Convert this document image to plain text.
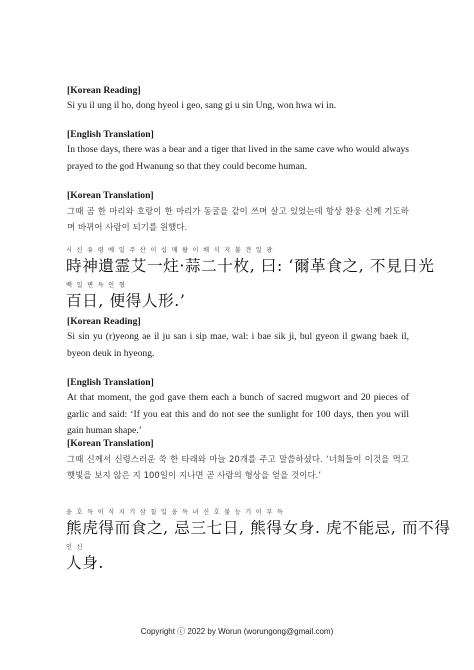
[Korean Reading]
Si yu il ung il ho, dong hyeol i geo, sang gi u sin Ung, won hwa wi in.
[English Translation]
In those days, there was a bear and a tiger that lived in the same cave who would always prayed to the god Hwanung so that they could become human.
[Korean Translation]
그때 곰 한 마리와 호랑이 한 마리가 동굴을 같이 쓰며 살고 있었는데 항상 환웅 신께 기도하며 바뀌어 사람이 되기를 원했다.
시 신 유 령 예 일 주 산 이 십 매 왈 이 배 식 지 불 견 일 광
時神遺霊艾一炷·蒜二十枚, 曰: ‘爾革食之, 不見日光
백 일 변 득 인 형
百日, 便得人形.’
[Korean Reading]
Si sin yu (r)yeong ae il ju san i sip mae, wal: i bae sik ji, bul gyeon il gwang baek il, byeon deuk in hyeong.
[English Translation]
At that moment, the god gave them each a bunch of sacred mugwort and 20 pieces of garlic and said: ‘If you eat this and do not see the sunlight for 100 days, then you will gain human shape.’
[Korean Translation]
그때 신께서 신령스러운 쑥 한 타래와 마늘 20개를 주고 말씀하셨다. ‘너희들이 이것을 먹고 햇빛을 보지 않은 지 100일이 지나면 곧 사람의 형상을 얻을 것이다.’
웅 호 득 이 식 지 기 삼 칠 일 웅 득 녀 신 호 불 능 기 이 부 득
熊虎得而食之, 忌三七日, 熊得女身. 虎不能忌, 而不得
인 신
人身.
Copyright ⓒ 2022 by Worun (worungong@gmail.com)
